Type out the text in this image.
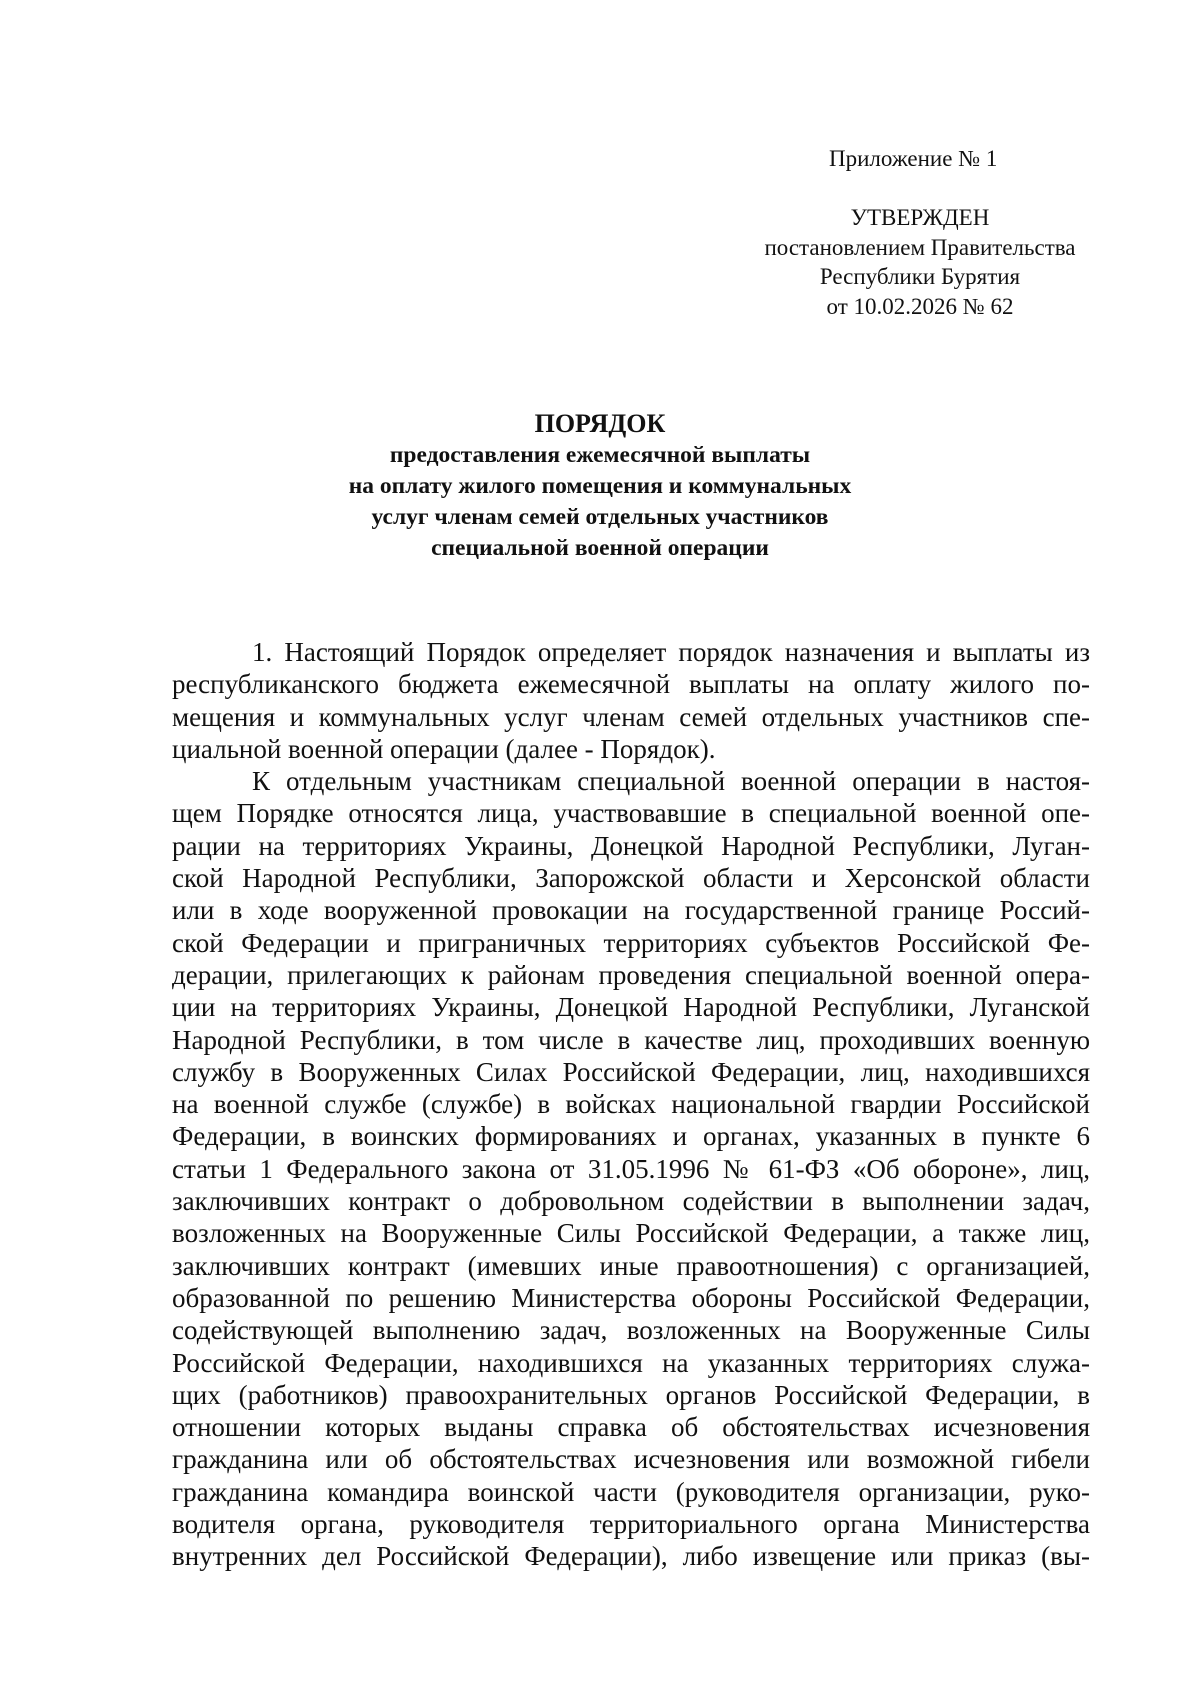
Приложение № 1
УТВЕРЖДЕН
постановлением Правительства
Республики Бурятия
от 10.02.2026 № 62
ПОРЯДОК
предоставления ежемесячной выплаты
на оплату жилого помещения и коммунальных
услуг членам семей отдельных участников
специальной военной операции
1. Настоящий Порядок определяет порядок назначения и выплаты из
республиканского бюджета ежемесячной выплаты на оплату жилого по-
мещения и коммунальных услуг членам семей отдельных участников спе-
циальной военной операции (далее - Порядок).
К отдельным участникам специальной военной операции в настоя-
щем Порядке относятся лица, участвовавшие в специальной военной опе-
рации на территориях Украины, Донецкой Народной Республики, Луган-
ской Народной Республики, Запорожской области и Херсонской области
или в ходе вооруженной провокации на государственной границе Россий-
ской Федерации и приграничных территориях субъектов Российской Фе-
дерации, прилегающих к районам проведения специальной военной опера-
ции на территориях Украины, Донецкой Народной Республики, Луганской
Народной Республики, в том числе в качестве лиц, проходивших военную
службу в Вооруженных Силах Российской Федерации, лиц, находившихся
на военной службе (службе) в войсках национальной гвардии Российской
Федерации, в воинских формированиях и органах, указанных в пункте 6
статьи 1 Федерального закона от 31.05.1996 № 61-ФЗ «Об обороне», лиц,
заключивших контракт о добровольном содействии в выполнении задач,
возложенных на Вооруженные Силы Российской Федерации, а также лиц,
заключивших контракт (имевших иные правоотношения) с организацией,
образованной по решению Министерства обороны Российской Федерации,
содействующей выполнению задач, возложенных на Вооруженные Силы
Российской Федерации, находившихся на указанных территориях служа-
щих (работников) правоохранительных органов Российской Федерации, в
отношении которых выданы справка об обстоятельствах исчезновения
гражданина или об обстоятельствах исчезновения или возможной гибели
гражданина командира воинской части (руководителя организации, руко-
водителя органа, руководителя территориального органа Министерства
внутренних дел Российской Федерации), либо извещение или приказ (вы-
